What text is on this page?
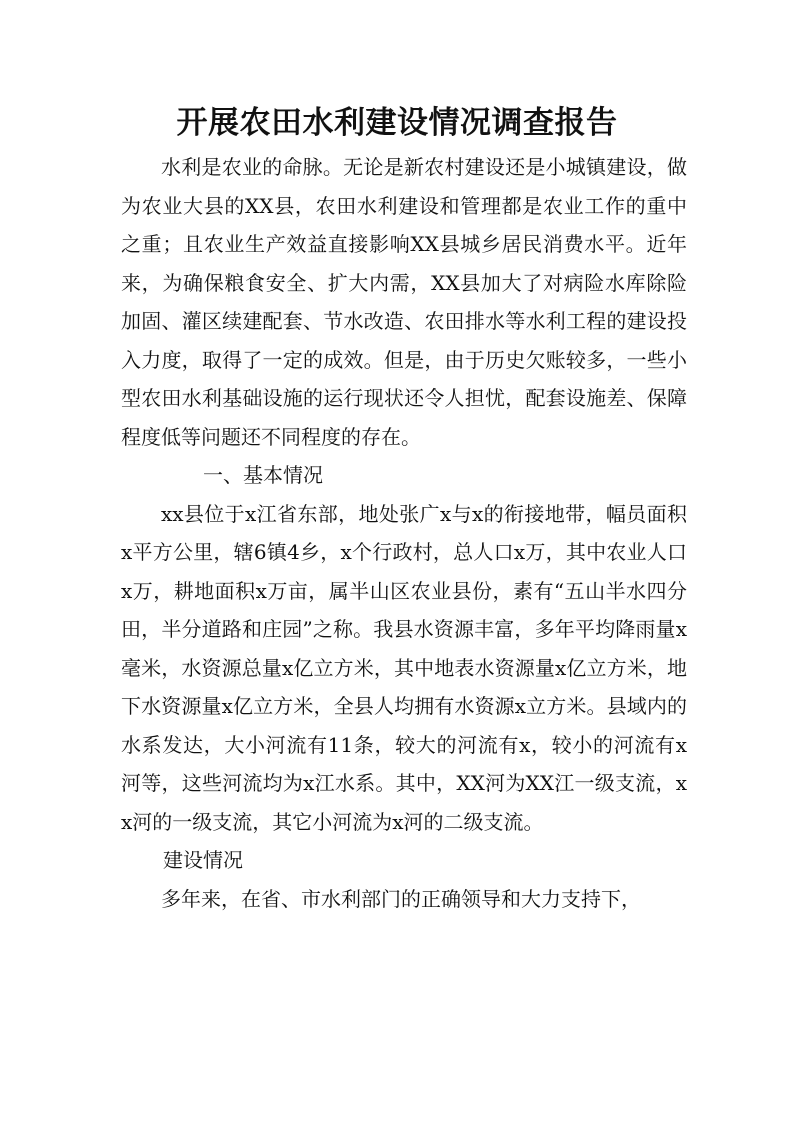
开展农田水利建设情况调查报告

水利是农业的命脉。无论是新农村建设还是小城镇建设，做为农业大县的XX县，农田水利建设和管理都是农业工作的重中之重；且农业生产效益直接影响XX县城乡居民消费水平。近年来，为确保粮食安全、扩大内需，XX县加大了对病险水库除险加固、灌区续建配套、节水改造、农田排水等水利工程的建设投入力度，取得了一定的成效。但是，由于历史欠账较多，一些小型农田水利基础设施的运行现状还令人担忧，配套设施差、保障程度低等问题还不同程度的存在。

一、基本情况

xx县位于x江省东部，地处张广x与x的衔接地带，幅员面积x平方公里，辖6镇4乡，x个行政村，总人口x万，其中农业人口x万，耕地面积x万亩，属半山区农业县份，素有“五山半水四分田，半分道路和庄园”之称。我县水资源丰富，多年平均降雨量x毫米，水资源总量x亿立方米，其中地表水资源量x亿立方米，地下水资源量x亿立方米，全县人均拥有水资源x立方米。县域内的水系发达，大小河流有11条，较大的河流有x，较小的河流有x河等，这些河流均为x江水系。其中，XX河为XX江一级支流，xx河的一级支流，其它小河流为x河的二级支流。

建设情况

多年来，在省、市水利部门的正确领导和大力支持下，
